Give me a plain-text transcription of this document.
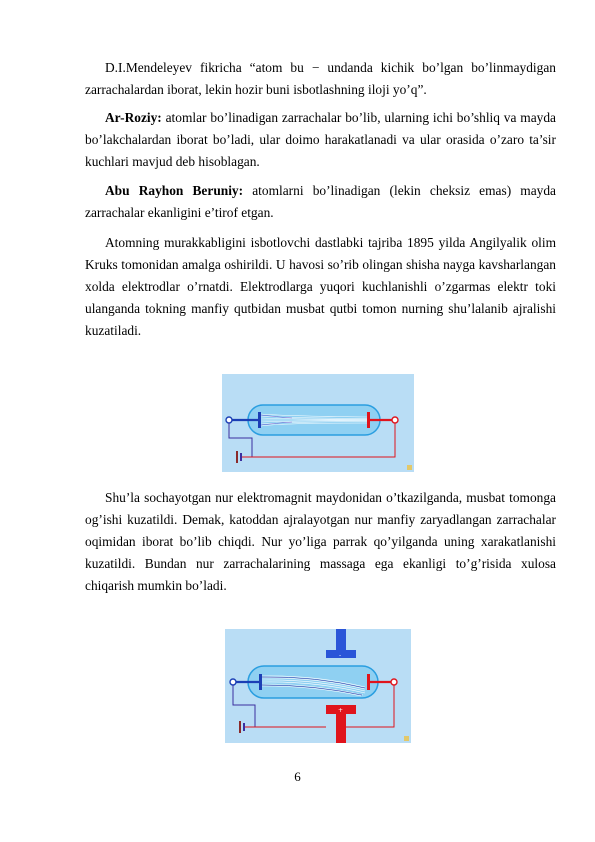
D.I.Mendeleyev fikricha “atom bu − undanda kichik bo’lgan bo’linmaydigan zarrachalardan iborat, lekin hozir buni isbotlashning iloji yo’q”.

Ar-Roziy: atomlar bo’linadigan zarrachalar bo’lib, ularning ichi bo’shliq va mayda bo’lakchalardan iborat bo’ladi, ular doimo harakatlanadi va ular orasida o’zaro ta’sir kuchlari mavjud deb hisoblagan.

Abu Rayhon Beruniy: atomlarni bo’linadigan (lekin cheksiz emas) mayda zarrachalar ekanligini e’tirof etgan.

Atomning murakkabligini isbotlovchi dastlabki tajriba 1895 yilda Angilyalik olim Kruks tomonidan amalga oshirildi. U havosi so’rib olingan shisha nayga kavsharlangan xolda elektrodlar o’rnatdi. Elektrodlarga yuqori kuchlanishli o’zgarmas elektr toki ulanganda tokning manfiy qutbidan musbat qutbi tomon nurning shu’lalanib ajralishi kuzatiladi.

Shu’la sochayotgan nur elektromagnit maydonidan o’tkazilganda, musbat tomonga og’ishi kuzatildi. Demak, katoddan ajralayotgan nur manfiy zaryadlangan zarrachalar oqimidan iborat bo’lib chiqdi. Nur yo’liga parrak qo’yilganda uning xarakatlanishi kuzatildi. Bundan nur zarrachalarining massaga ega ekanligi to’g’risida xulosa chiqarish mumkin bo’ladi.

-
+
6
